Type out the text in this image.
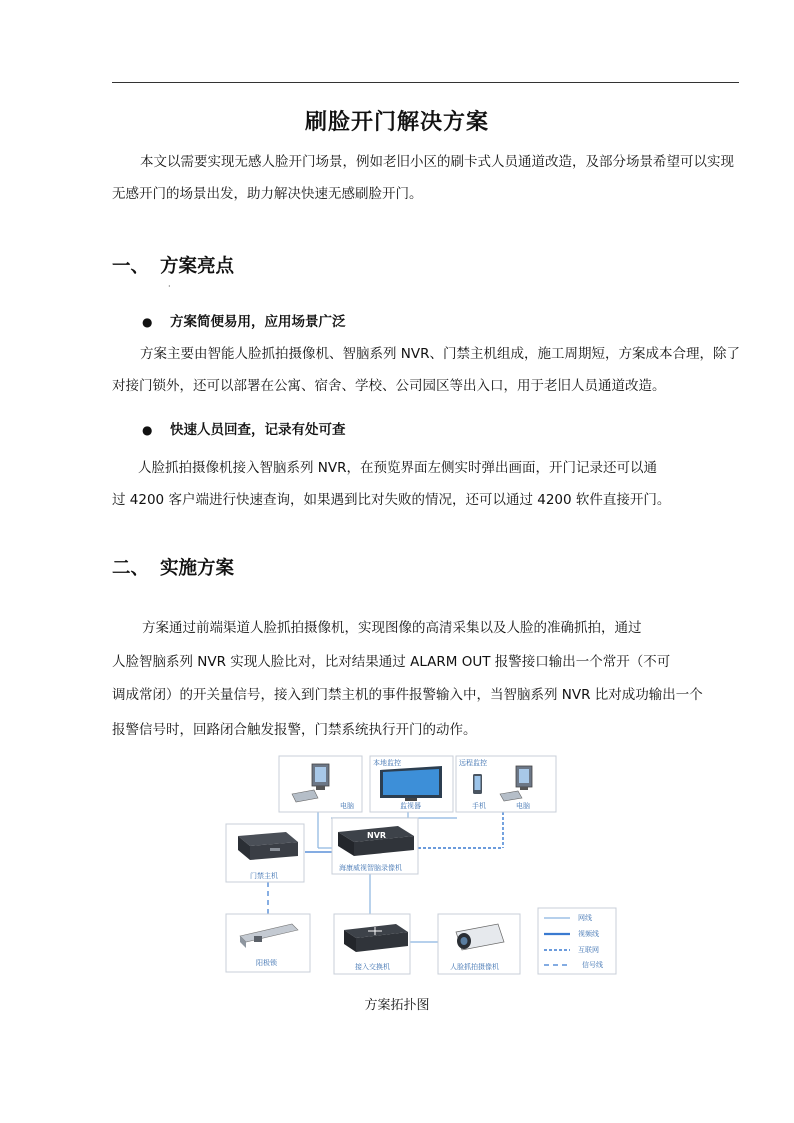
刷脸开门解决方案
本文以需要实现无感人脸开门场景，例如老旧小区的刷卡式人员通道改造，及部分场景希望可以实现无感开门的场景出发，助力解决快速无感刷脸开门。
一、 方案亮点
·
● 方案简便易用，应用场景广泛
方案主要由智能人脸抓拍摄像机、智脑系列 NVR、门禁主机组成，施工周期短，方案成本合理，除了对接门锁外，还可以部署在公寓、宿舍、学校、公司园区等出入口，用于老旧人员通道改造。
● 快速人员回查，记录有处可查
人脸抓拍摄像机接入智脑系列 NVR，在预览界面左侧实时弹出画面，开门记录还可以通
过 4200 客户端进行快速查询，如果遇到比对失败的情况，还可以通过 4200 软件直接开门。
二、 实施方案
方案通过前端渠道人脸抓拍摄像机，实现图像的高清采集以及人脸的准确抓拍，通过
人脸智脑系列 NVR 实现人脸比对，比对结果通过 ALARM OUT 报警接口输出一个常开（不可
调成常闭）的开关量信号，接入到门禁主机的事件报警输入中，当智脑系列 NVR 比对成功输出一个
报警信号时，回路闭合触发报警，门禁系统执行开门的动作。
电脑
本地监控
监视器
远程监控
手机	电脑
门禁主机
NVR
海康威视智脑录像机
阳极锁	接入交换机	人脸抓拍摄像机
网线
视频线
互联网
信号线
方案拓扑图
